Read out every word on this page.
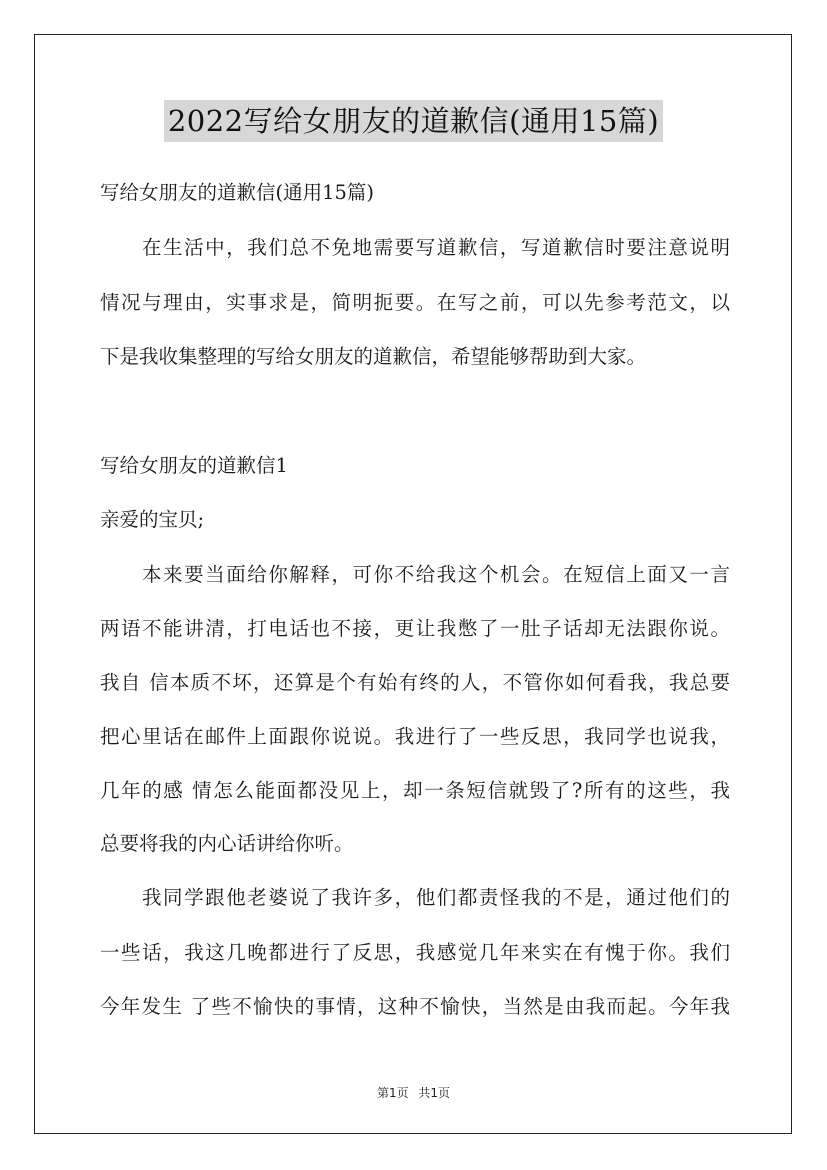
2022写给女朋友的道歉信(通用15篇)
写给女朋友的道歉信(通用15篇)
在生活中，我们总不免地需要写道歉信，写道歉信时要注意说明
情况与理由，实事求是，简明扼要。在写之前，可以先参考范文，以
下是我收集整理的写给女朋友的道歉信，希望能够帮助到大家。
写给女朋友的道歉信1
亲爱的宝贝;
本来要当面给你解释，可你不给我这个机会。在短信上面又一言
两语不能讲清，打电话也不接，更让我憋了一肚子话却无法跟你说。
我自 信本质不坏，还算是个有始有终的人，不管你如何看我，我总要
把心里话在邮件上面跟你说说。我进行了一些反思，我同学也说我，
几年的感 情怎么能面都没见上，却一条短信就毁了?所有的这些，我
总要将我的内心话讲给你听。
我同学跟他老婆说了我许多，他们都责怪我的不是，通过他们的
一些话，我这几晚都进行了反思，我感觉几年来实在有愧于你。我们
今年发生 了些不愉快的事情，这种不愉快，当然是由我而起。今年我
第1页 共1页
